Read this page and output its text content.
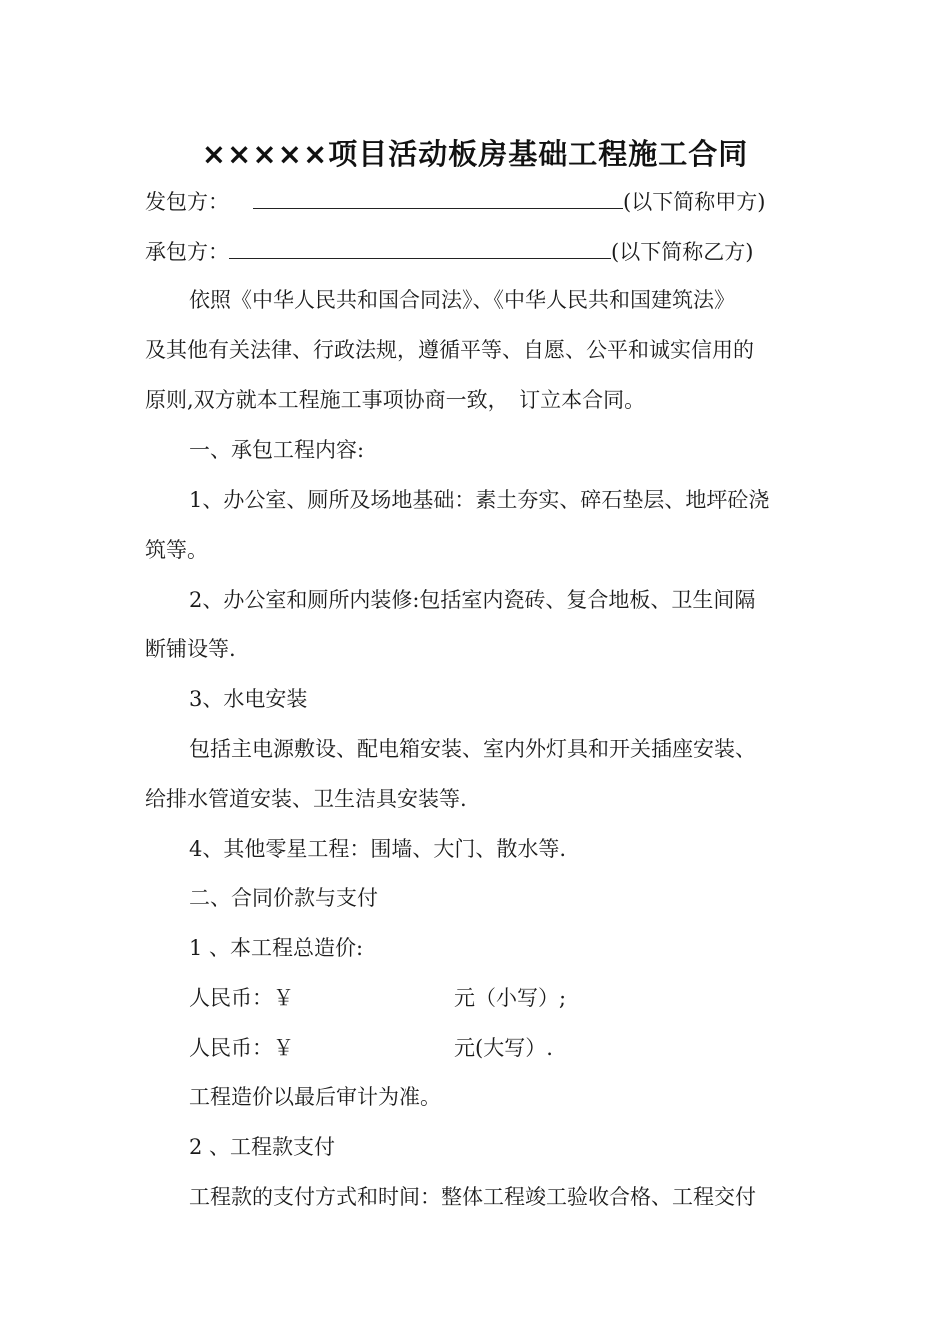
×××××项目活动板房基础工程施工合同
发包方：	(以下简称甲方)
承包方：	(以下简称乙方)
依照《中华人民共和国合同法》、《中华人民共和国建筑法》
及其他有关法律、行政法规，遵循平等、自愿、公平和诚实信用的
原则,双方就本工程施工事项协商一致，　订立本合同。
一、承包工程内容:
1、办公室、厕所及场地基础：素土夯实、碎石垫层、地坪砼浇
筑等。
2、办公室和厕所内装修:包括室内瓷砖、复合地板、卫生间隔
断铺设等.
3、水电安装
包括主电源敷设、配电箱安装、室内外灯具和开关插座安装、
给排水管道安装、卫生洁具安装等.
4、其他零星工程：围墙、大门、散水等.
二、合同价款与支付
1 、本工程总造价:
人民币：￥	元（小写）;
人民币：￥	元(大写）.
工程造价以最后审计为准。
2 、工程款支付
工程款的支付方式和时间：整体工程竣工验收合格、工程交付
